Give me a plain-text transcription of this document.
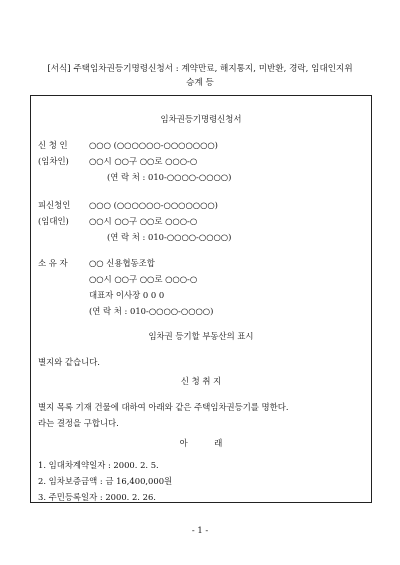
[서식] 주택임차권등기명령신청서 : 계약만료, 해지통지, 미반환, 경락, 임대인지위
승계 등
임차권등기명령신청서
신 청 인	○○○ (○○○○○○-○○○○○○○)
(임차인) ○○시 ○○구 ○○로 ○○○-○
(연 락 처 : 010-○○○○-○○○○)
피신청인 ○○○ (○○○○○○-○○○○○○○)
(임대인) ○○시 ○○구 ○○로 ○○○-○
(연 락 처 : 010-○○○○-○○○○)
소 유 자	○○ 신용협동조합
○○시 ○○구 ○○로 ○○○-○
대표자 이사장 0 0 0
(연 락 처 : 010-○○○○-○○○○)
임차권 등기할 부동산의 표시
별지와 같습니다.
신 청 취 지
별지 목록 기재 건물에 대하여 아래와 같은 주택임차권등기를 명한다.
라는 결정을 구합니다.
아          래
1. 임대차계약일자 : 2000. 2. 5.
2. 임차보증금액 : 금 16,400,000원
3. 주민등록일자 : 2000. 2. 26.
- 1 -
